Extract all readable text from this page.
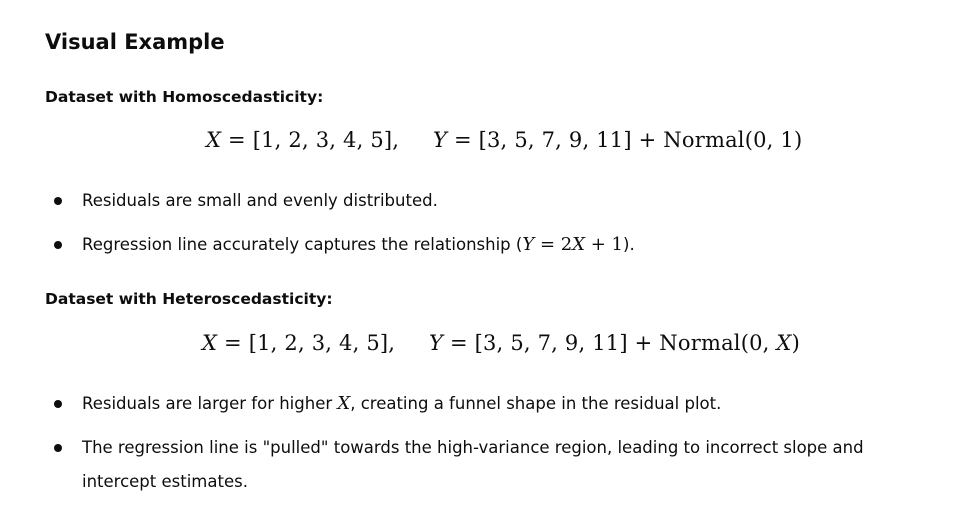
Visual Example
Dataset with Homoscedasticity:
X = [1, 2, 3, 4, 5], Y = [3, 5, 7, 9, 11] + Normal(0, 1)
Residuals are small and evenly distributed.
Regression line accurately captures the relationship (Y = 2X + 1).
Dataset with Heteroscedasticity:
X = [1, 2, 3, 4, 5], Y = [3, 5, 7, 9, 11] + Normal(0, X)
Residuals are larger for higher X, creating a funnel shape in the residual plot.
The regression line is "pulled" towards the high-variance region, leading to incorrect slope and intercept estimates.
